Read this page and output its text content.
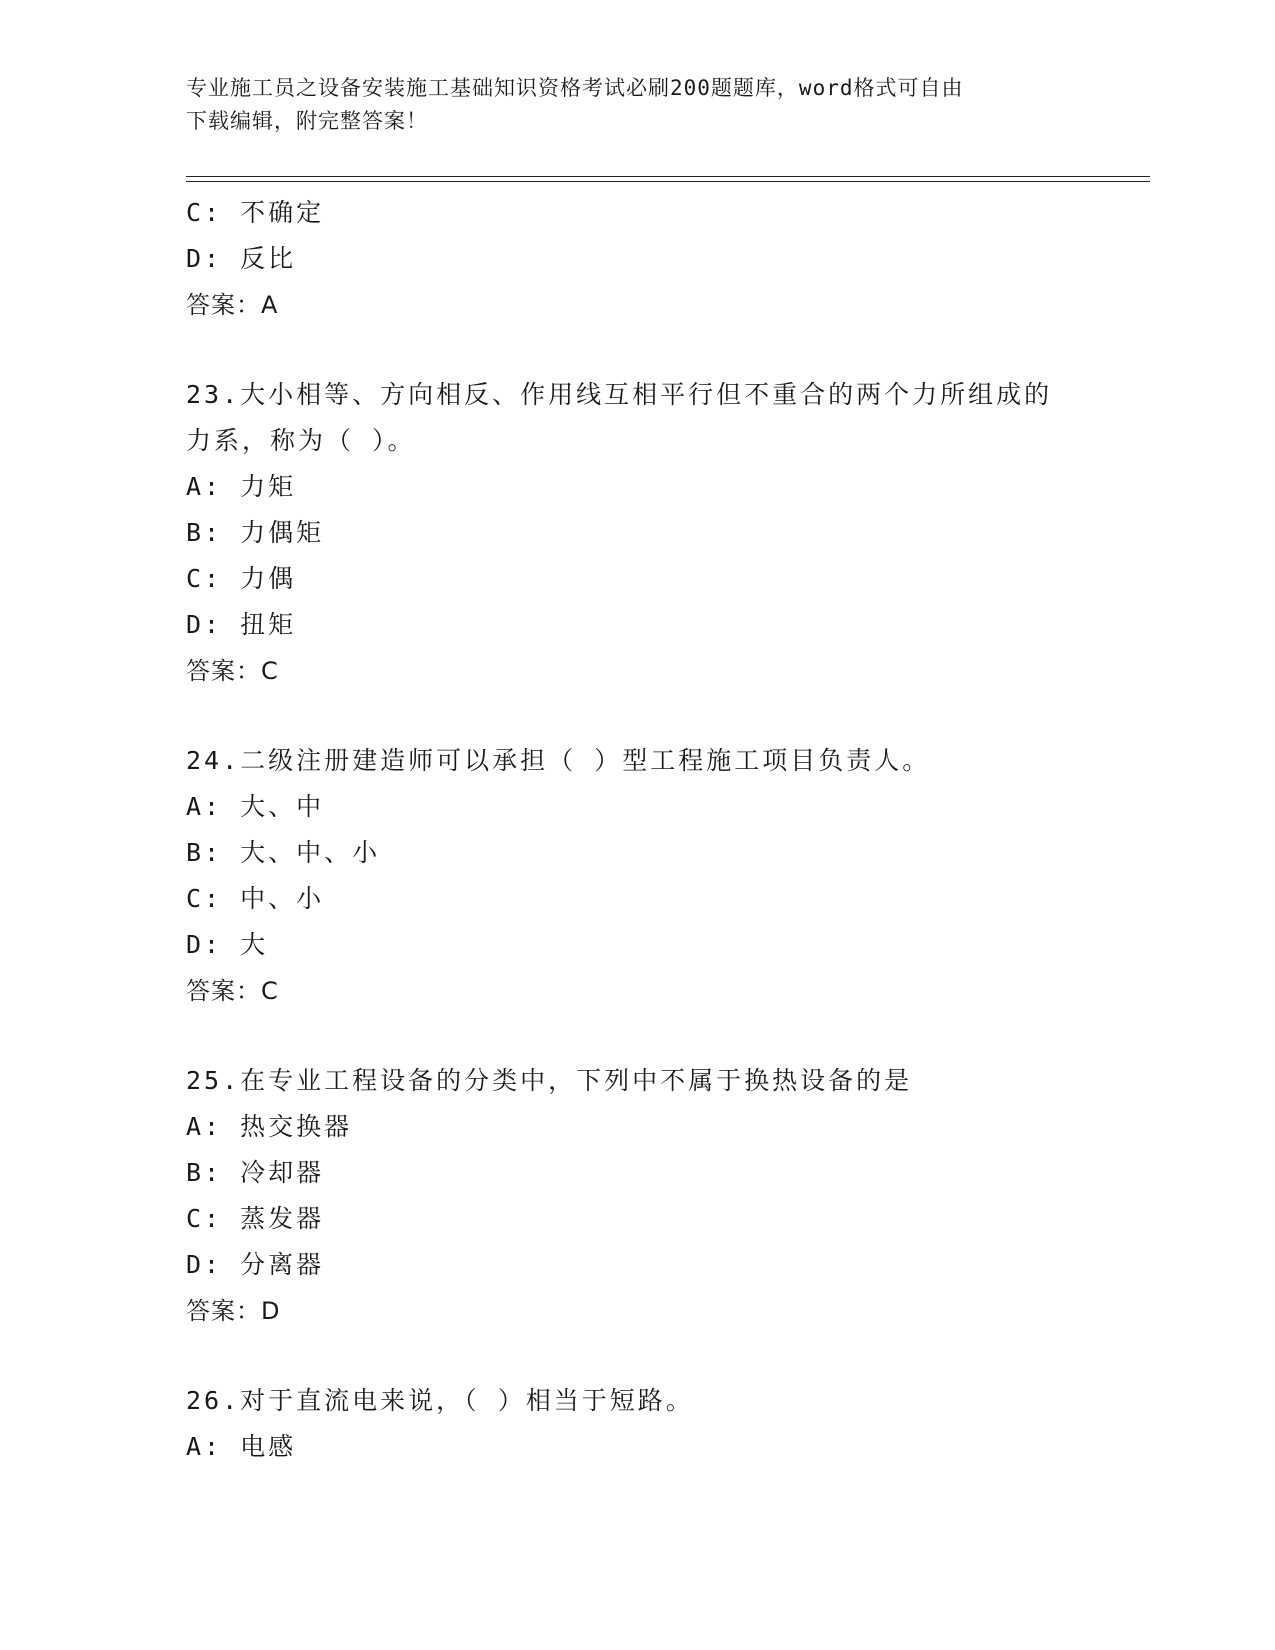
专业施工员之设备安装施工基础知识资格考试必刷200题题库，word格式可自由
下载编辑，附完整答案！
C: 不确定
D: 反比
答案：A
23.大小相等、方向相反、作用线互相平行但不重合的两个力所组成的
力系，称为（ ）。
A: 力矩
B: 力偶矩
C: 力偶
D: 扭矩
答案：C
24.二级注册建造师可以承担（ ）型工程施工项目负责人。
A: 大、中
B: 大、中、小
C: 中、小
D: 大
答案：C
25.在专业工程设备的分类中，下列中不属于换热设备的是
A: 热交换器
B: 冷却器
C: 蒸发器
D: 分离器
答案：D
26.对于直流电来说，（ ）相当于短路。
A: 电感
